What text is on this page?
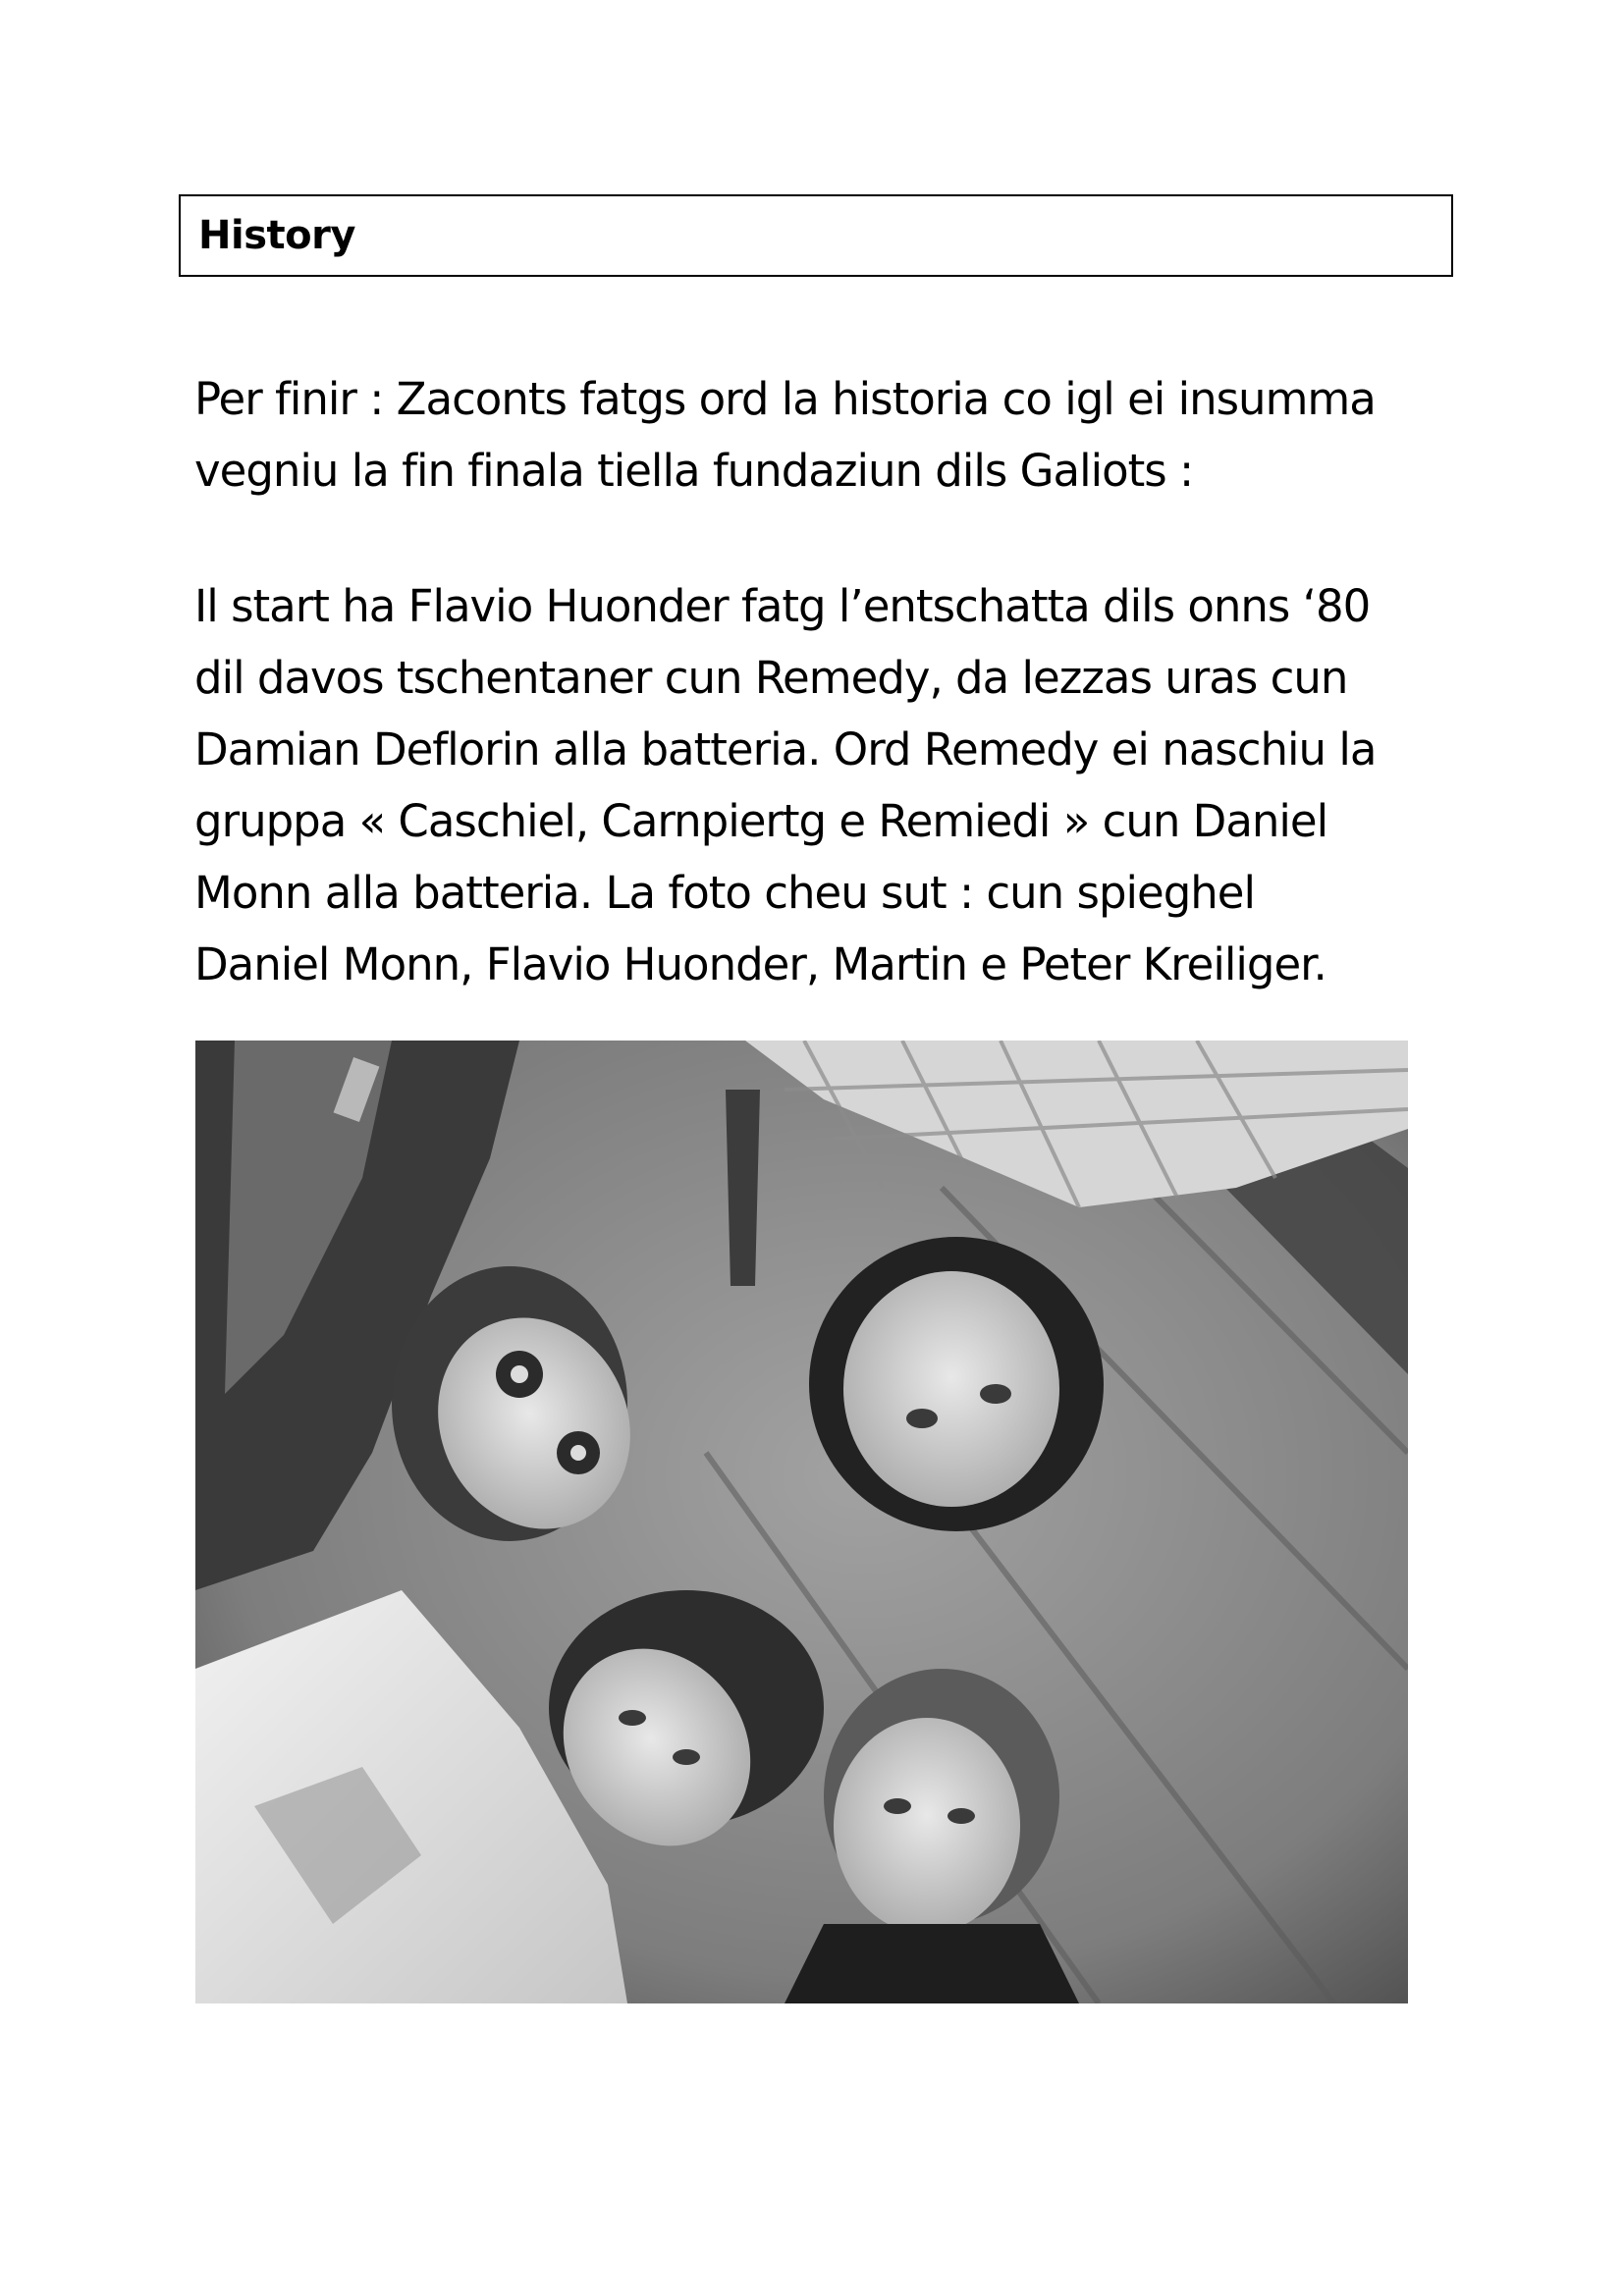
History

Per finir : Zaconts fatgs ord la historia co igl ei insumma
vegniu la fin finala tiella fundaziun dils Galiots :

Il start ha Flavio Huonder fatg l’entschatta dils onns ‘80
dil davos tschentaner cun Remedy, da lezzas uras cun
Damian Deflorin alla batteria. Ord Remedy ei naschiu la
gruppa « Caschiel, Carnpiertg e Remiedi » cun Daniel
Monn alla batteria. La foto cheu sut : cun spieghel
Daniel Monn, Flavio Huonder, Martin e Peter Kreiliger.
